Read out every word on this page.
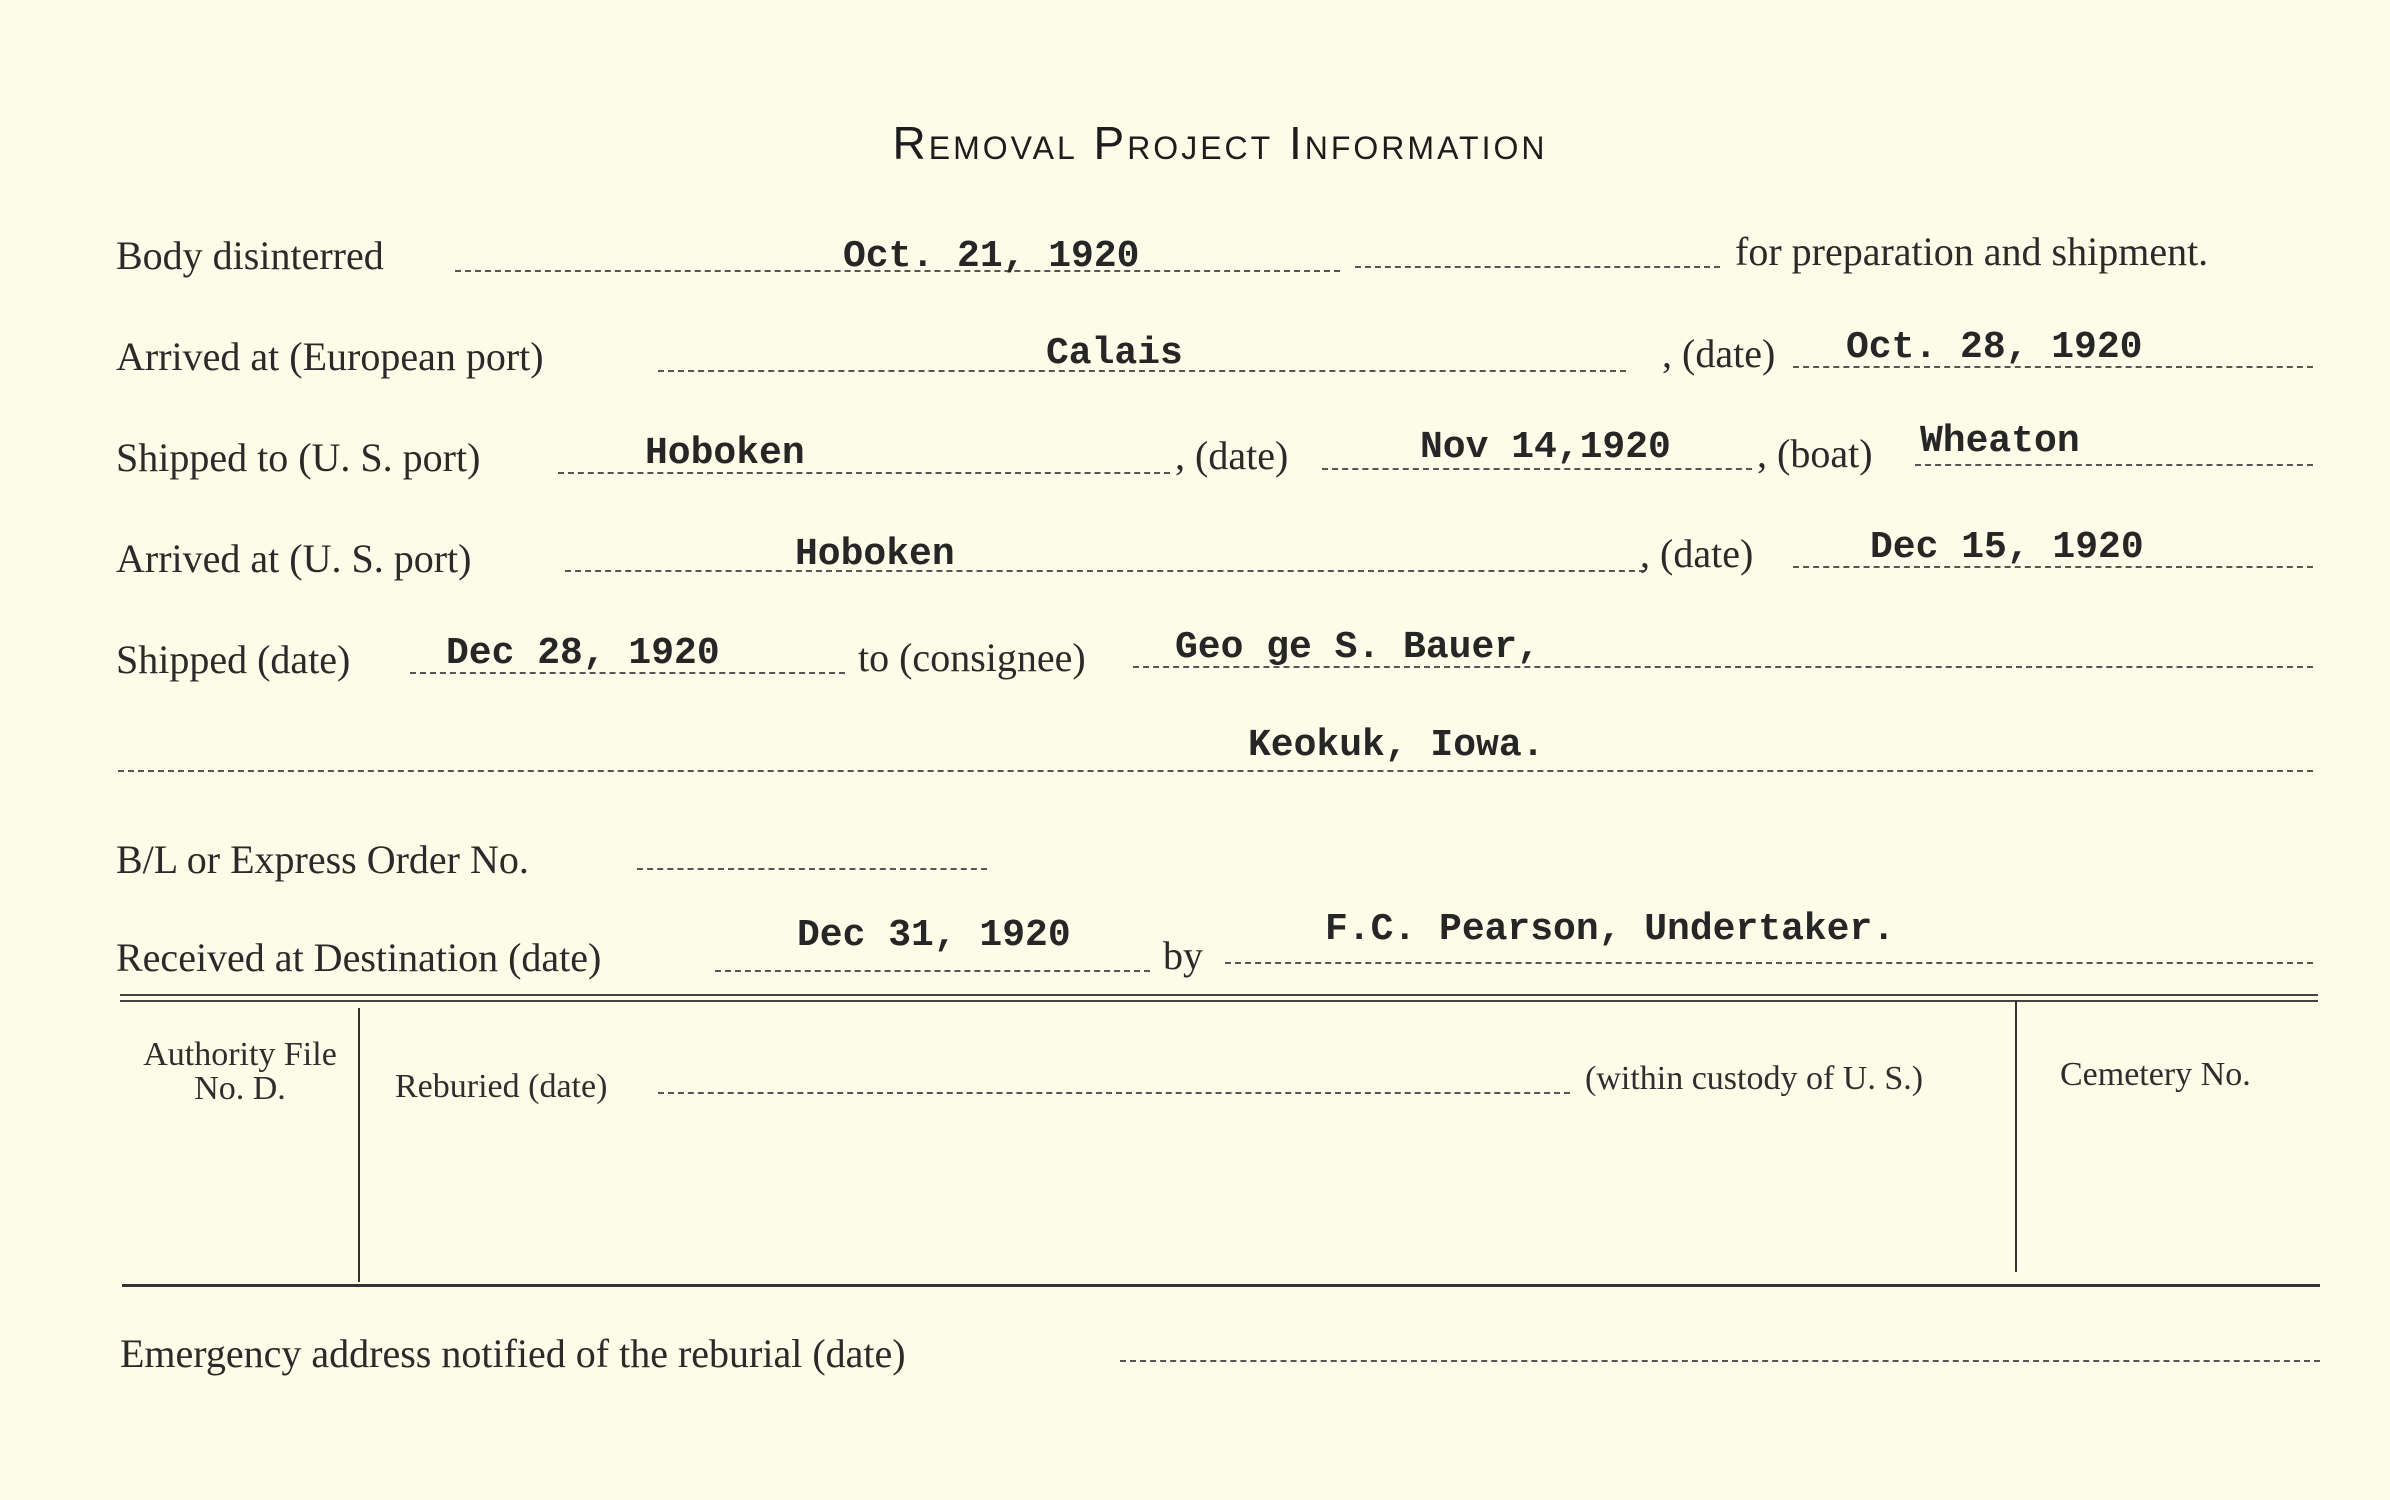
Removal Project Information
Body disinterred	Oct. 21, 1920	for preparation and shipment.
Arrived at (European port)	Calais	, (date) Oct. 28, 1920
Shipped to (U. S. port)	Hoboken	, (date)	Nov 14,1920 , (boat) Wheaton
Arrived at (U. S. port)	Hoboken	, (date)	Dec 15, 1920
Shipped (date)	Dec 28, 1920	to (consignee) Geo ge S. Bauer,
Keokuk, Iowa.
B/L or Express Order No.
Received at Destination (date)	Dec 31, 1920 by
F.C. Pearson, Undertaker.
Authority File No. D.	Reburied (date)	(within custody of U. S.)	Cemetery No.
Emergency address notified of the reburial (date)
